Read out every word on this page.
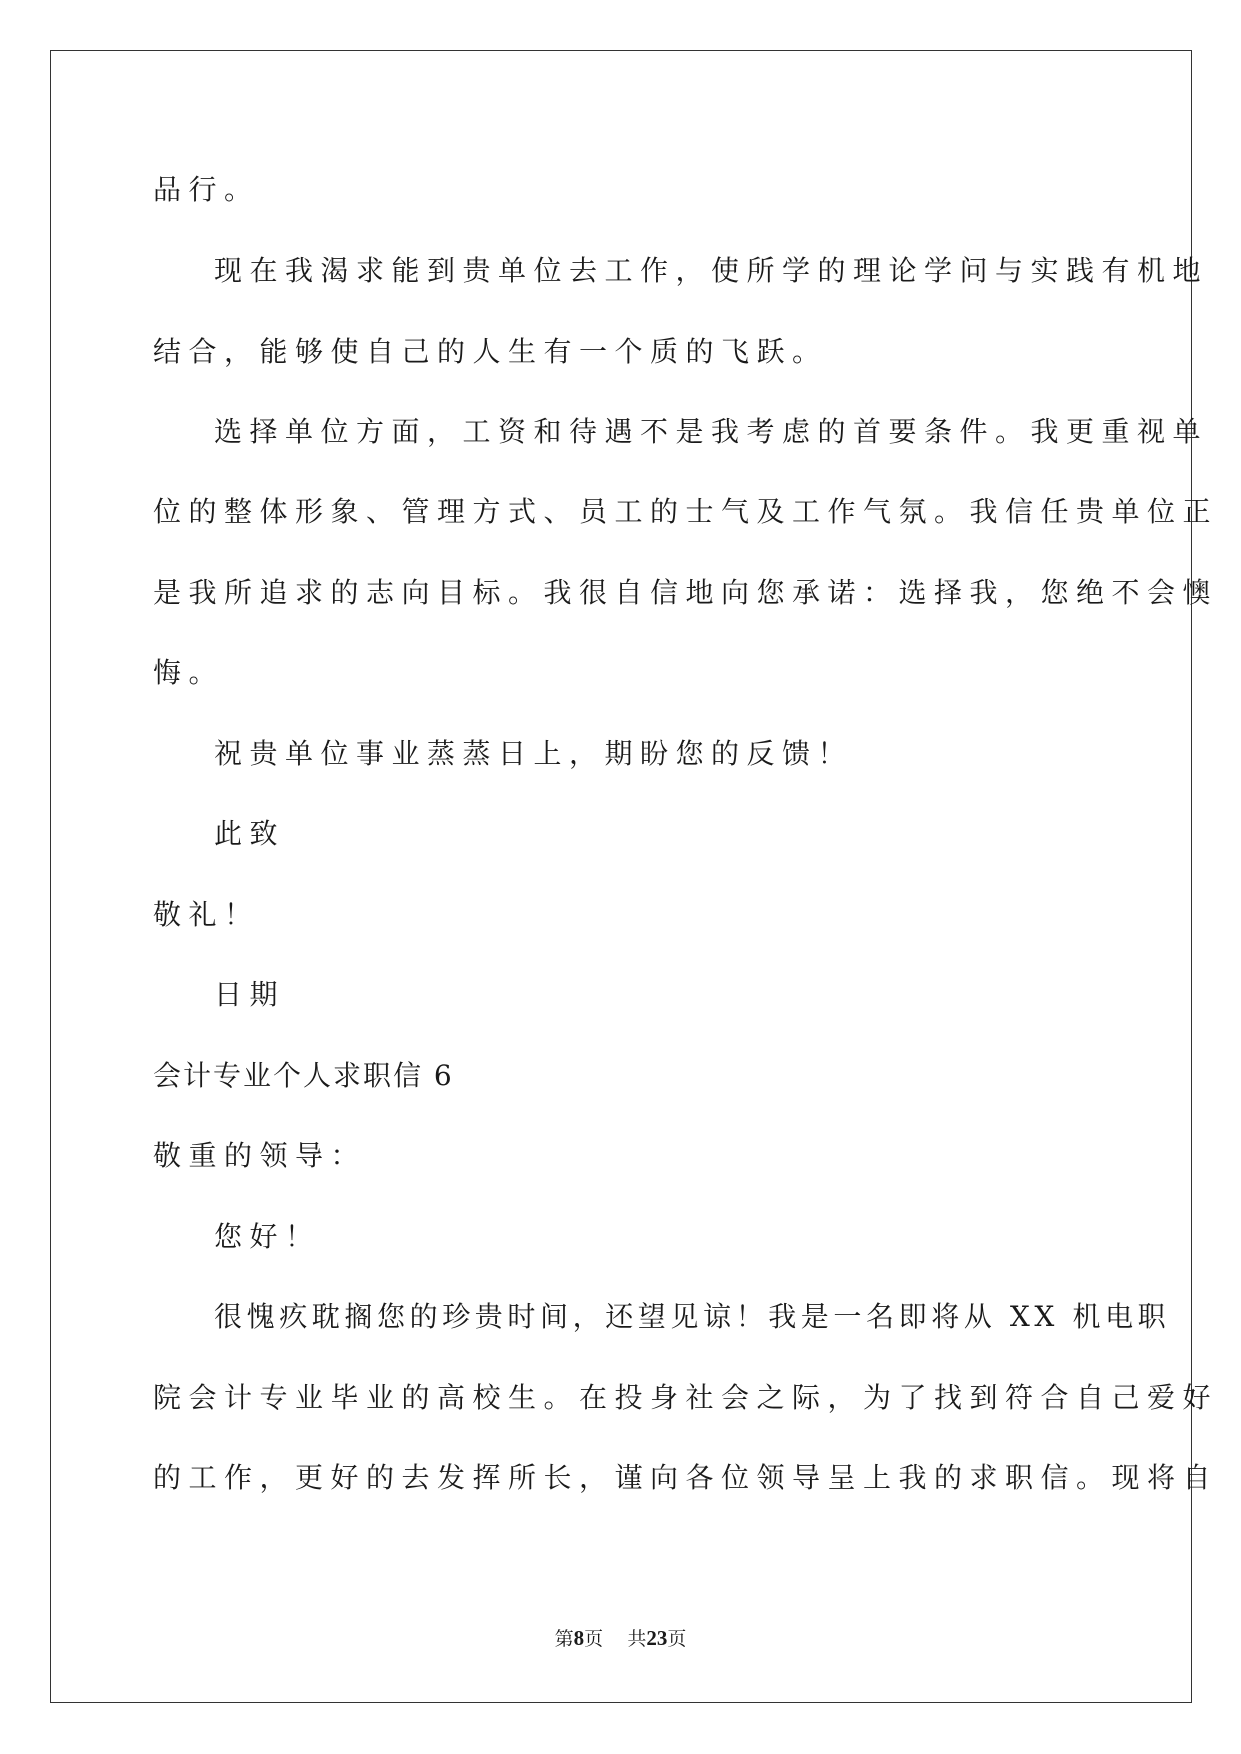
品行。
现在我渴求能到贵单位去工作，使所学的理论学问与实践有机地
结合，能够使自己的人生有一个质的飞跃。
选择单位方面，工资和待遇不是我考虑的首要条件。我更重视单
位的整体形象、管理方式、员工的士气及工作气氛。我信任贵单位正
是我所追求的志向目标。我很自信地向您承诺：选择我，您绝不会懊
悔。
祝贵单位事业蒸蒸日上，期盼您的反馈！
此致
敬礼！
日期
会计专业个人求职信 6
敬重的领导：
您好！
很愧疚耽搁您的珍贵时间，还望见谅！我是一名即将从 XX 机电职
院会计专业毕业的高校生。在投身社会之际，为了找到符合自己爱好
的工作，更好的去发挥所长，谨向各位领导呈上我的求职信。现将自
第8页 共23页
